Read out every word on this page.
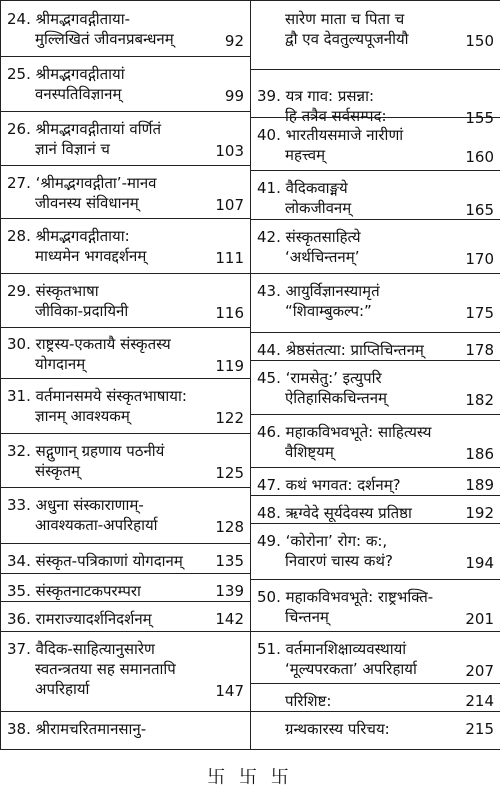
24. श्रीमद्भगवद्गीताया-
मुल्लिखितं जीवनप्रबन्धनम्	92
25. श्रीमद्भगवद्गीतायां
वनस्पतिविज्ञानम्	99
26. श्रीमद्भगवद्गीतायां वर्णितं
ज्ञानं विज्ञानं च	103
27. ‘श्रीमद्भगवद्गीता’-मानव
जीवनस्य संविधानम्	107
28. श्रीमद्भगवद्गीताया:
माध्यमेन भगवद्दर्शनम्	111
29. संस्कृतभाषा
जीविका-प्रदायिनी	116
30. राष्ट्रस्य-एकतायै संस्कृतस्य
योगदानम्	119
31. वर्तमानसमये संस्कृतभाषाया:
ज्ञानम् आवश्यकम्	122
32. सद्गुणान् ग्रहणाय पठनीयं
संस्कृतम्	125
33. अधुना संस्काराणाम्-
आवश्यकता-अपरिहार्या	128
34. संस्कृत-पत्रिकाणां योगदानम्	135
35. संस्कृतनाटकपरम्परा	139
36. रामराज्यादर्शनिदर्शनम्	142
37. वैदिक-साहित्यानुसारेण
स्वतन्त्रतया सह समानतापि
अपरिहार्या	147
38. श्रीरामचरितमानसानु-

सारेण माता च पिता च
द्वौ एव देवतुल्यपूजनीयौ	150
39. यत्र गाव: प्रसन्ना:
हि तत्रैव सर्वसम्पद:	155
40. भारतीयसमाजे नारीणां
महत्त्वम्	160
41. वैदिकवाङ्मये
लोकजीवनम्	165
42. संस्कृतसाहित्ये
‘अर्थचिन्तनम्’	170
43. आयुर्विज्ञानस्यामृतं
“शिवाम्बुकल्प:”	175
44. श्रेष्ठसंतत्या: प्राप्तिचिन्तनम्	178
45. ‘रामसेतु:’ इत्युपरि
ऐतिहासिकचिन्तनम्	182
46. महाकविभवभूते: साहित्यस्य
वैशिष्ट्यम्	186
47. कथं भगवत: दर्शनम्?	189
48. ऋग्वेदे सूर्यदेवस्य प्रतिष्ठा	192
49. ‘कोरोना’ रोग: क:,
निवारणं चास्य कथं?	194
50. महाकविभवभूते: राष्ट्रभक्ति-
चिन्तनम्	201
51. वर्तमानशिक्षाव्यवस्थायां
‘मूल्यपरकता’ अपरिहार्या	207
परिशिष्ट:	214
ग्रन्थकारस्य परिचय:	215
卐 卐 卐
